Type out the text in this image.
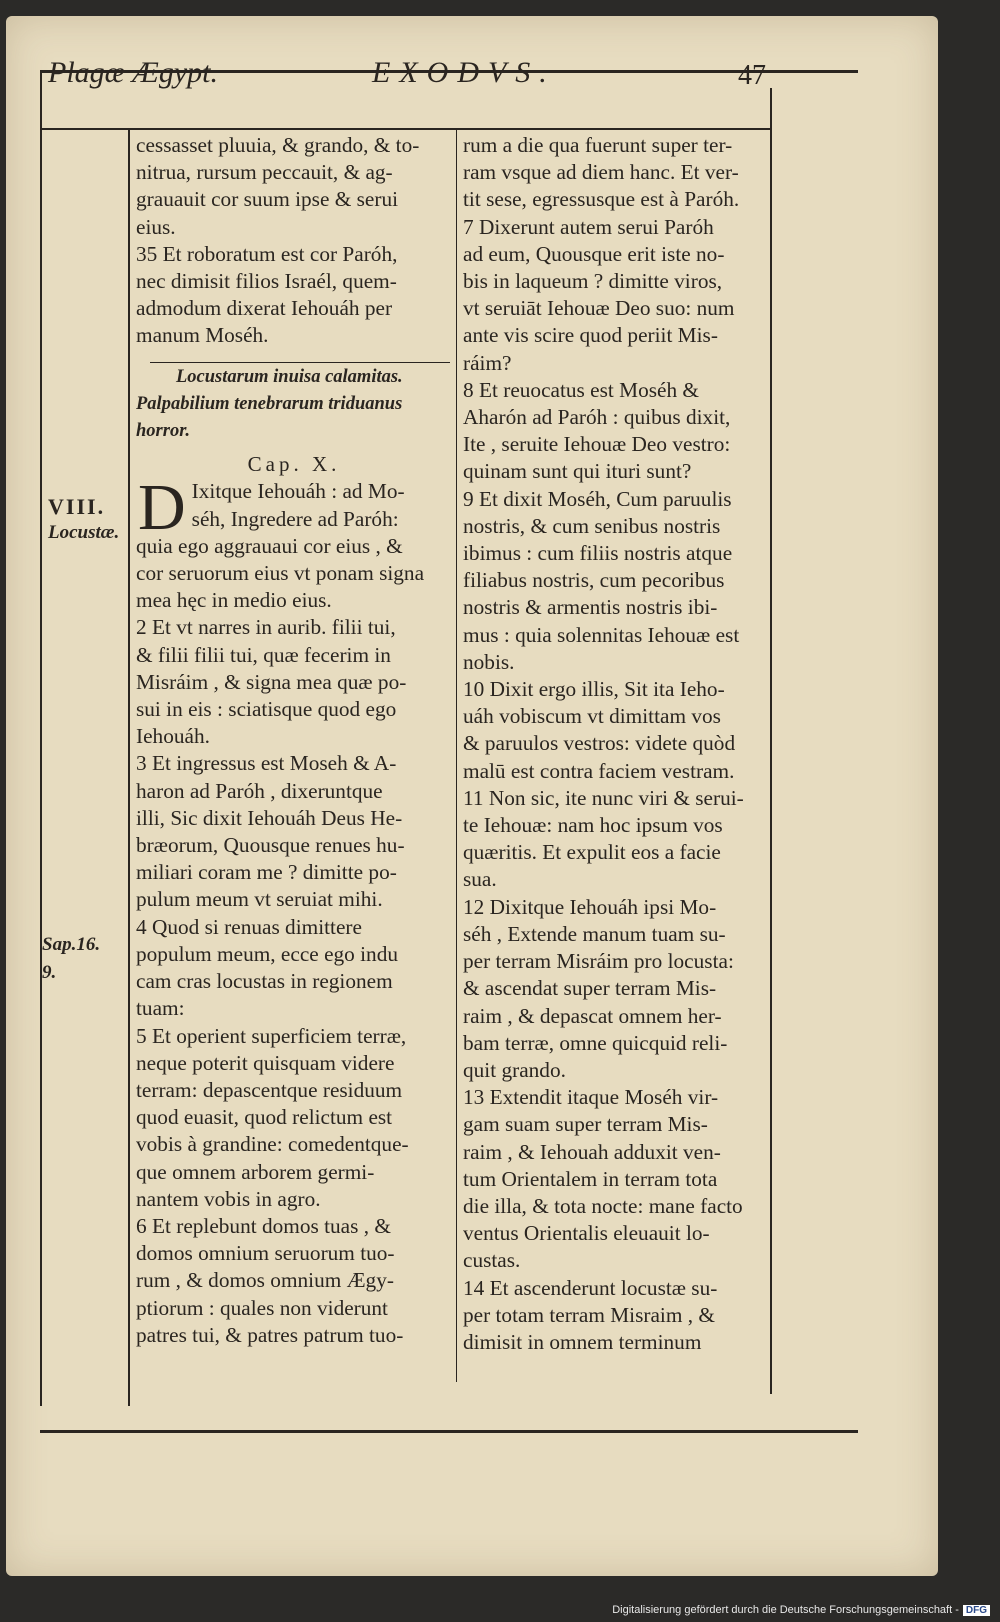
Plagæ Ægypt.	EXODVS.	47
VIII.
Locustæ.
Sap.16.
9.

cessasset pluuia, & grando, & to-

nitrua, rursum peccauit, & ag-

grauauit cor suum ipse & serui

eius.

35 Et roboratum est cor Paróh,

nec dimisit filios Israél, quem-

admodum dixerat Iehouáh per

manum Moséh.

Locustarum inuisa calamitas.

Palpabilium tenebrarum triduanus

horror.

Cap. X.

D Ixitque Iehouáh : ad Mo-

séh, Ingredere ad Paróh:

quia ego aggrauaui cor eius , &

cor seruorum eius vt ponam signa

mea hęc in medio eius.

2 Et vt narres in aurib. filii tui,

& filii filii tui, quæ fecerim in

Misráim , & signa mea quæ po-

sui in eis : sciatisque quod ego

Iehouáh.

3 Et ingressus est Moseh & A-

haron ad Paróh , dixeruntque

illi, Sic dixit Iehouáh Deus He-

bræorum, Quousque renues hu-

miliari coram me ? dimitte po-

pulum meum vt seruiat mihi.

4 Quod si renuas dimittere

populum meum, ecce ego indu

cam cras locustas in regionem

tuam:

5 Et operient superficiem terræ,

neque poterit quisquam videre

terram: depascentque residuum

quod euasit, quod relictum est

vobis à grandine: comedentque-

que omnem arborem germi-

nantem vobis in agro.

6 Et replebunt domos tuas , &

domos omnium seruorum tuo-

rum , & domos omnium Ægy-

ptiorum : quales non viderunt

patres tui, & patres patrum tuo-

rum a die qua fuerunt super ter-

ram vsque ad diem hanc. Et ver-

tit sese, egressusque est à Paróh.

7 Dixerunt autem serui Paróh

ad eum, Quousque erit iste no-

bis in laqueum ? dimitte viros,

vt seruiāt Iehouæ Deo suo: num

ante vis scire quod periit Mis-

ráim?

8 Et reuocatus est Moséh &

Aharón ad Paróh : quibus dixit,

Ite , seruite Iehouæ Deo vestro:

quinam sunt qui ituri sunt?

9 Et dixit Moséh, Cum paruulis

nostris, & cum senibus nostris

ibimus : cum filiis nostris atque

filiabus nostris, cum pecoribus

nostris & armentis nostris ibi-

mus : quia solennitas Iehouæ est

nobis.

10 Dixit ergo illis, Sit ita Ieho-

uáh vobiscum vt dimittam vos

& paruulos vestros: videte quòd

malū est contra faciem vestram.

11 Non sic, ite nunc viri & serui-

te Iehouæ: nam hoc ipsum vos

quæritis. Et expulit eos a facie

sua.

12 Dixitque Iehouáh ipsi Mo-

séh , Extende manum tuam su-

per terram Misráim pro locusta:

& ascendat super terram Mis-

raim , & depascat omnem her-

bam terræ, omne quicquid reli-

quit grando.

13 Extendit itaque Moséh vir-

gam suam super terram Mis-

raim , & Iehouah adduxit ven-

tum Orientalem in terram tota

die illa, & tota nocte: mane facto

ventus Orientalis eleuauit lo-

custas.

14 Et ascenderunt locustæ su-

per totam terram Misraim , &

dimisit in omnem terminum

Digitalisierung gefördert durch die Deutsche Forschungsgemeinschaft - DFG
